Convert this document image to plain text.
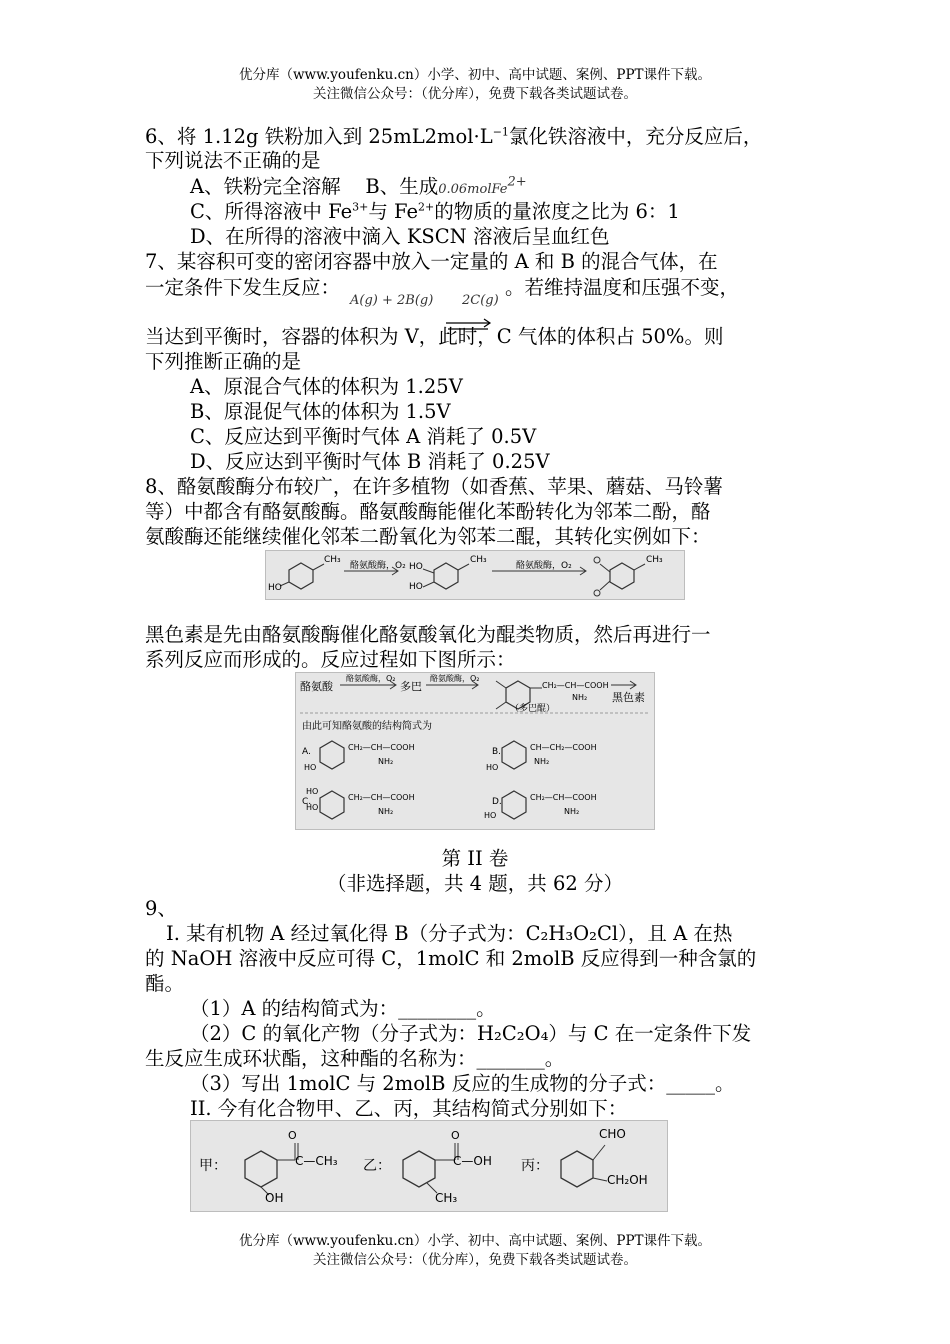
优分库（www.youfenku.cn）小学、初中、高中试题、案例、PPT课件下载。
关注微信公众号：（优分库），免费下载各类试题试卷。
6、将 1.12g 铁粉加入到 $25mL2mol\cdot L^{-1}$氯化铁溶液中，充分反应后，
下列说法不正确的是
A、铁粉完全溶解 B、生成0.06molFe$^{2+}$
C、所得溶液中 $Fe^{3+}$与 $Fe^{2+}$的物质的量浓度之比为 6：1
D、在所得的溶液中滴入 KSCN 溶液后呈血红色
7、某容积可变的密闭容器中放入一定量的 A 和 B 的混合气体，在
一定条件下发生反应：
A(g) + 2B(g) 2C(g)
。若维持温度和压强不变，
当达到平衡时，容器的体积为 V，此时，C 气体的体积占 50%。则
下列推断正确的是
A、原混合气体的体积为 1.25V
B、原混促气体的体积为 1.5V
C、反应达到平衡时气体 A 消耗了 0.5V
D、反应达到平衡时气体 B 消耗了 0.25V
8、酪氨酸酶分布较广，在许多植物（如香蕉、苹果、蘑菇、马铃薯
等）中都含有酪氨酸酶。酪氨酸酶能催化苯酚转化为邻苯二酚，酪
氨酸酶还能继续催化邻苯二酚氧化为邻苯二醌，其转化实例如下：
CH₃
HO
酪氨酸酶，O₂ HO
HO
CH₃
酪氨酸酶，O₂
CH₃
黑色素是先由酪氨酸酶催化酪氨酸氧化为醌类物质，然后再进行一
系列反应而形成的。反应过程如下图所示：
酪氨酸
酪氨酸酶，O₂
多巴
酪氨酸酶，O₂
CH₂—CH—COOH
NH₂ 黑色素
（多巴醌）
由此可知酪氨酸的结构简式为
A.
HO
CH₂—CH—COOH
NH₂
B.
HO
CH—CH₂—COOH
NH₂
C.
HO
HO
CH₂—CH—COOH
NH₂
D.
HO
CH₂—CH—COOH
NH₂
第 II 卷
（非选择题，共 4 题，共 62 分）
9、
I. 某有机物 A 经过氧化得 B（分子式为：C₂H₃O₂Cl），且 A 在热
的 NaOH 溶液中反应可得 C，1molC 和 2molB 反应得到一种含氯的
酯。
（1）A 的结构简式为：________。
（2）C 的氧化产物（分子式为：H₂C₂O₄）与 C 在一定条件下发
生反应生成环状酯，这种酯的名称为：_______。
（3）写出 1molC 与 2molB 反应的生成物的分子式：_____。
II. 今有化合物甲、乙、丙，其结构简式分别如下：
甲：
O
C—CH₃
OH
乙：
O
C—OH
CH₃
丙：
CHO
CH₂OH
优分库（www.youfenku.cn）小学、初中、高中试题、案例、PPT课件下载。
关注微信公众号：（优分库），免费下载各类试题试卷。
